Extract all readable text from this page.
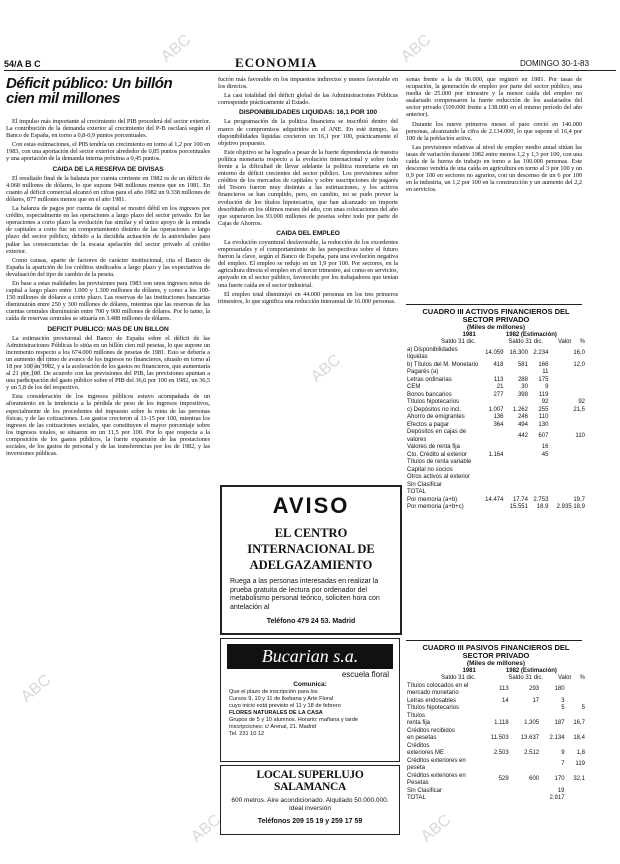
ABC	ABC
ABC	ABC
ABC
ABC	ABC
54/A B C	ECONOMIA	DOMINGO 30-1-83
Déficit público: Un billón cien mil millones

El impulso más importante al crecimiento del PIB procederá del sector exterior. La contribución de la demanda exterior al crecimiento del P-B oscilará según el Banco de España, en torno a 0,8-0,9 puntos porcentuales.

Con estas estimaciones, el PIB tendría un crecimiento en torno al 1,2 por 100 en 1983, con una aportación del sector exterior alrededor de 0,85 puntos porcentuales y una aportación de la demanda interna próxima a 0,45 puntos.

CAIDA DE LA RESERVA DE DIVISAS

El resultado final de la balanza por cuenta corriente en 1982 es de un déficit de 4.068 millones de dólares, lo que supone 948 millones menos que en 1981. En cuanto al déficit comercial alcanzó en cifras para el año 1982 un 9.338 millones de dólares, 877 millones menos que en el año 1981.

La balanza de pagos por cuenta de capital se mostró débil en los ingresos por crédito, especialmente en las operaciones a largo plazo del sector privado. En las operaciones a corto plazo la evolución fue similar y el único apoyo de la entrada de capitales a corto fue un comportamiento distinto de las operaciones a largo plazo del sector público, debido a la decidida actuación de la autoridades para paliar las consecuencias de la escasa apelación del sector privado al crédito exterior.

Como causas, aparte de factores de carácter institucional, cita el Banco de España la aparición de los créditos sindicados a largo plazo y las expectativas de devaluación del tipo de cambio de la peseta.

En base a estas realidades las previsiones para 1983 son unos ingresos netos de capital a largo plazo entre 1.000 y 1.300 millones de dólares, y como a los 100-150 millones de dólares a corto plazo. Las reservas de las instituciones bancarias disminuirán entre 250 y 300 millones de dólares, mientras que las reservas de las cuentas centrales disminuirán entre 700 y 900 millones de dólares. Por lo tanto, la caída de reservas centrales se situaría en 3.488 millones de dólares.

DEFICIT PUBLICO: MAS DE UN BILLON

La estimación provisional del Banco de España sobre el déficit de las Administraciones Públicas lo sitúa en un billón cien mil pesetas, lo que supone un incremento respecto a los 674.000 millones de pesetas de 1981. Esto se debería a un aumento del ritmo de avance de los ingresos no financieros, situado en torno al 18 por 100 en 1982, y a la aceleración de los gastos no financieros, que aumentaría al 21 por 100. De acuerdo con las previsiones del PIB, las previsiones apuntan a una participación del gasto público sobre el PIB del 36,6 por 100 en 1982, un 36,5 y un 5,8 de los del respectivo.

Esta consideración de los ingresos públicos estuvo acompañada de un aforamiento en la tendencia a la pérdida de peso de los ingresos impositivos, especialmente de los procedentes del impuesto sobre la renta de las personas físicas, y de las cotizaciones. Los gastos crecieron al 11-15 por 100, mientras los ingresos de las cotizaciones sociales, que constituyen el mayor porcentaje sobre los ingresos totales, se situaron en un 11,5 por 100. Por lo que respecta a la composición de los gastos públicos, la fuerte expansión de las prestaciones sociales, de los gastos de personal y de las transferencias por los de 1982, y las inversiones públicas.

fución más favorable en los impuestos indirectos y menos favorable en los directos.

La casi totalidad del déficit global de las Administraciones Públicas corresponde prácticamente al Estado.

DISPONIBILIDADES LIQUIDAS: 16,1 POR 100

La programación de la política financiera se inscribió dentro del marco de compromisos adquiridos en el ANE. En esté tiempo, las disponibilidades líquidas crecieron un 16,1 por 100, prácticamente el objetivo propuesto.

Este objetivo se ha logrado a pesar de la fuerte dependencia de nuestra política monetaria respecto a la evolución internacional y sobre todo frente a la dificultad de llevar adelante la política monetaria en un entorno de déficit crecientes del sector público. Los previsiones sobre créditos de los mercados de capitales y sobre suscripciones de pagarés del Tesoro fueron muy distintas a las estimaciones, y los activos financieros se han cumplido, pero, en cambio, no se pudo prever la evolución de los títulos hipotecarios, que han alcanzado un importe desorbitado en los últimos meses del año, con unas colocaciones del año que superaron los 93.000 millones de pesetas sobre todo por parte de Cajas de Ahorros.

CAIDA DEL EMPLEO

La evolución coyuntural desfavorable, la reducción de los excedentes empresariales y el comportamiento de las perspectivas sobre el futuro fueron la clave, según el Banco de España, para una evolución negativa del empleo. El empleo se redujo en un 1,9 por 100. Por sectores, en la agricultura directa el empleo en el tercer trimestre, así como en servicios, apoyado en el sector público, favorecido por los trabajadores que tenían una fuerte caída en el sector industrial.

El empleo total disminuyó en 44.000 personas en los tres primeros trimestres, lo que significa una reducción interanual de 16.000 personas.

AVISO
EL CENTRO INTERNACIONAL DE ADELGAZAMIENTO
Ruega a las personas interesadas en realizar la prueba gratuita de lectura por ordenador del metabolismo personal teórico, soliciten hora con antelación al
Teléfono 479 24 53. Madrid
Bucarian s.a.
escuela floral
Comunica:
Que el plazo de inscripción para los
Cursos 9, 10 y 11 de Ikebana y Arte Floral
cuyo inicio está previsto el 11 y 18 de febrero
FLORES NATURALES DE LA CASA
Grupos de 5 y 10 alumnos. Horario: mañana y tarde
Inscripciones: c/ Arenal, 21. Madrid
Tel. 231 10 12
LOCAL SUPERLUJO SALAMANCA
600 metros. Aire acondicionado. Alquilado 50.000.000. Ideal inversión
Teléfonos 209 15 19 y 259 17 59

sonas frente a la de 96.000, que registró en 1981. Por tasas de ocupación, la generación de empleo por parte del sector público, una media de 25.000 por trimestre y la menor caída del empleo no asalariado compensaron la fuerte reducción de los asalariados del sector privado (109.000 frente a 138.000 en el mismo período del año anterior).

Durante los nueve primeros meses el paro creció en 146.000 personas, alcanzando la cifra de 2.134.000, lo que supone el 16,4 por 100 de la población activa.

Las previsiones relativas al nivel de empleo medio anual sitúan las tasas de variación durante 1982 entre menos 1,2 y 1,3 por 100, con una caída de la fuerza de trabajo en torno a las 100.000 personas. Este descenso vendría de una caída en agricultura en torno al 3 por 100 y un 0,9 por 100 en sectores no agrarios, con un descenso de un 6 por 100 en la industria, un 1,2 por 100 en la construcción y un aumento del 2,2 en servicios.

CUADRO III ACTIVOS FINANCIEROS DEL SECTOR PRIVADO
(Miles de millones)
	1981	1982 (Estimación)		
	Saldo 31 dic.	Saldo 31 dic.	Valor	%
a) Disponibilidades líquidas	14.059	16.300	2.234	16,0
b) Títulos del M. Monetario	418	581	166	12,0
Pagarés (a)			11	
Letras ordinarias	113	288	175	
CEM	21	30	9	
Bonos bancarios	277	398	119	
Títulos hipotecarios			92	92
c) Depósitos no incl.	1.007	1.262	255	21,5
Ahorro de emigrantes	136	246	110	
Efectos a pagar	364	494	130	
Depósitos en cajas de valores		442	607	110
Valores de renta fija			16	
Cto. Crédito al exterior	1.164		45	
Títulos de renta variable				
Capital no socios				
Otros activos al exterior				
Sin Clasificar				
TOTAL				
Por memoria (a+b)	14.474	17.74	2.753	19,7
Por memoria (a+b+c)		15.551	18.9	2.935 18,9
CUADRO III PASIVOS FINANCIEROS DEL SECTOR PRIVADO
(Miles de millones)
	1981	1982 (Estimación)		
	Saldo 31 dic.	Saldo 31 dic.	Valor	%
Títulos colocados en el mercado monetario	113	293	180	
Letras endosables	14	17	3	
Títulos hipotecarios			5	5
Títulos				
renta fija	1.118	1.305	187	16,7
Créditos recibidos				
en pesetas	11.503	13.637	2.134	18,4
Créditos				
exteriores ME	2.503	2.512	9	1,8
Créditos exteriores en peseta			7	119
Créditos exteriores en Pesetas	529	600	170	32,1
Sin Clasificar			19	
TOTAL			2.917	
